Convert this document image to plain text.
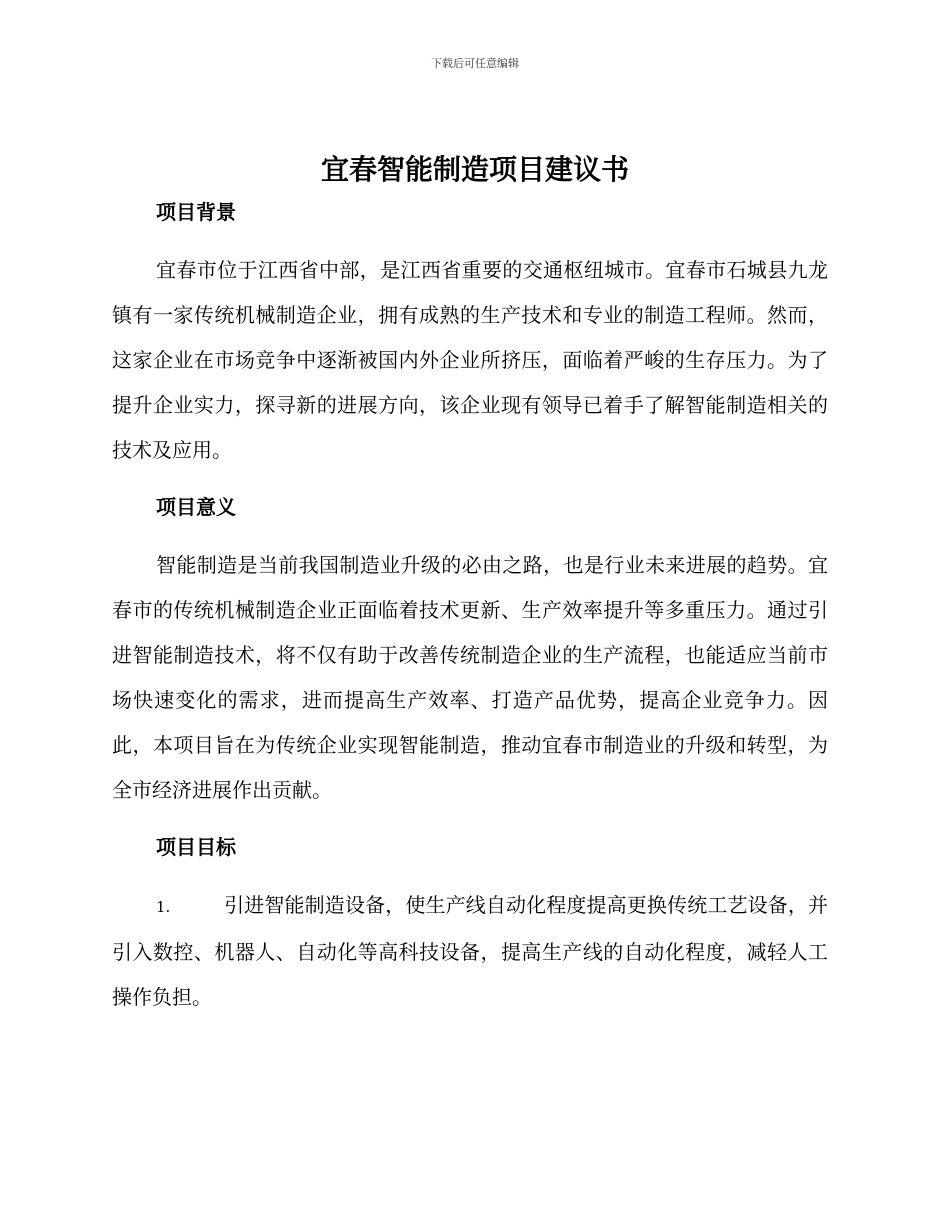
下载后可任意编辑
宜春智能制造项目建议书

项目背景

宜春市位于江西省中部，是江西省重要的交通枢纽城市。宜春市石城县九龙镇有一家传统机械制造企业，拥有成熟的生产技术和专业的制造工程师。然而，这家企业在市场竞争中逐渐被国内外企业所挤压，面临着严峻的生存压力。为了提升企业实力，探寻新的进展方向，该企业现有领导已着手了解智能制造相关的技术及应用。

项目意义

智能制造是当前我国制造业升级的必由之路，也是行业未来进展的趋势。宜春市的传统机械制造企业正面临着技术更新、生产效率提升等多重压力。通过引进智能制造技术，将不仅有助于改善传统制造企业的生产流程，也能适应当前市场快速变化的需求，进而提高生产效率、打造产品优势，提高企业竞争力。因此，本项目旨在为传统企业实现智能制造，推动宜春市制造业的升级和转型，为全市经济进展作出贡献。

项目目标

1.	引进智能制造设备，使生产线自动化程度提高更换传统工艺设备，并引入数控、机器人、自动化等高科技设备，提高生产线的自动化程度，减轻人工操作负担。
